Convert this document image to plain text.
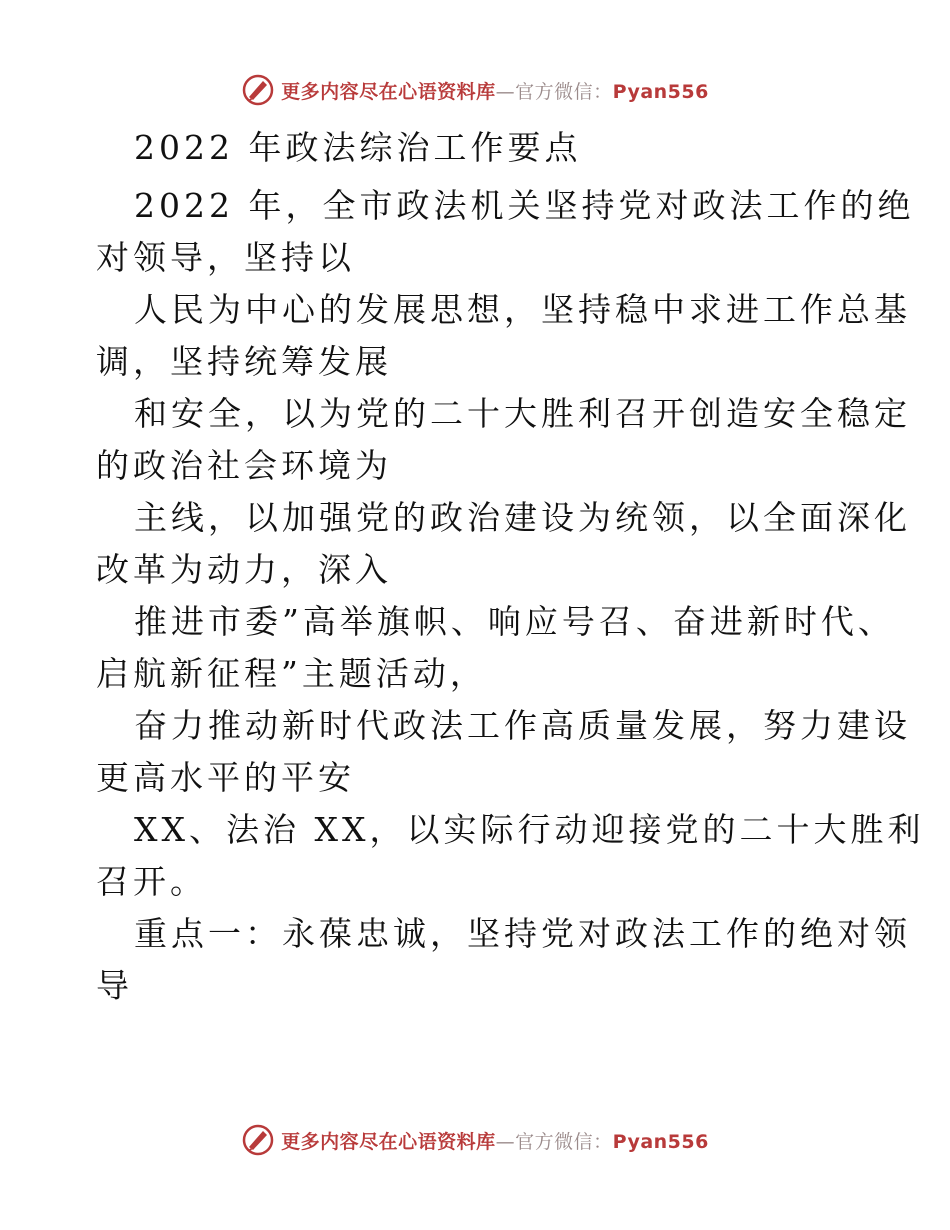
更多内容尽在心语资料库—官方微信：Pyan556
2022 年政法综治工作要点
2022 年，全市政法机关坚持党对政法工作的绝
对领导，坚持以
人民为中心的发展思想，坚持稳中求进工作总基
调，坚持统筹发展
和安全，以为党的二十大胜利召开创造安全稳定
的政治社会环境为
主线，以加强党的政治建设为统领，以全面深化
改革为动力，深入
推进市委”高举旗帜、响应号召、奋进新时代、
启航新征程”主题活动，
奋力推动新时代政法工作高质量发展，努力建设
更高水平的平安
XX、法治 XX，以实际行动迎接党的二十大胜利
召开。
重点一：永葆忠诚，坚持党对政法工作的绝对领
导
更多内容尽在心语资料库—官方微信：Pyan556
